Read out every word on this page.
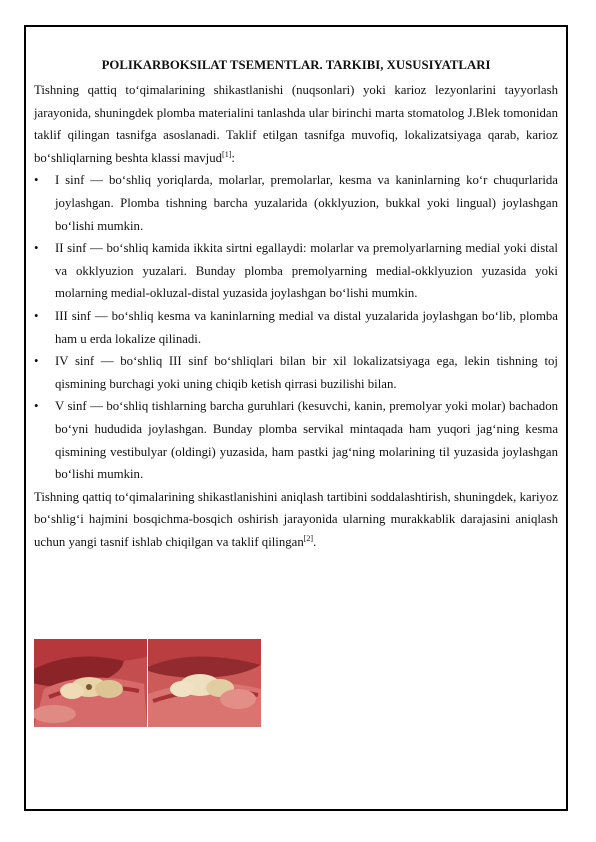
POLIKARBOKSILAT TSEMENTLAR. TARKIBI, XUSUSIYATLARI

Tishning qattiq to‘qimalarining shikastlanishi (nuqsonlari) yoki karioz lezyonlarini tayyorlash jarayonida, shuningdek plomba materialini tanlashda ular birinchi marta stomatolog J.Blek tomonidan taklif qilingan tasnifga asoslanadi. Taklif etilgan tasnifga muvofiq, lokalizatsiyaga qarab, karioz bo‘shliqlarning beshta klassi mavjud[1]:

• I sinf — bo‘shliq yoriqlarda, molarlar, premolarlar, kesma va kaninlarning ko‘r chuqurlarida joylashgan. Plomba tishning barcha yuzalarida (okklyuzion, bukkal yoki lingual) joylashgan bo‘lishi mumkin.
• II sinf — bo‘shliq kamida ikkita sirtni egallaydi: molarlar va premolyarlarning medial yoki distal va okklyuzion yuzalari. Bunday plomba premolyarning medial-okklyuzion yuzasida yoki molarning medial-okluzal-distal yuzasida joylashgan bo‘lishi mumkin.
• III sinf — bo‘shliq kesma va kaninlarning medial va distal yuzalarida joylashgan bo‘lib, plomba ham u erda lokalize qilinadi.
• IV sinf — bo‘shliq III sinf bo‘shliqlari bilan bir xil lokalizatsiyaga ega, lekin tishning toj qismining burchagi yoki uning chiqib ketish qirrasi buzilishi bilan.
• V sinf — bo‘shliq tishlarning barcha guruhlari (kesuvchi, kanin, premolyar yoki molar) bachadon bo‘yni hududida joylashgan. Bunday plomba servikal mintaqada ham yuqori jag‘ning kesma qismining vestibulyar (oldingi) yuzasida, ham pastki jag‘ning molarining til yuzasida joylashgan bo‘lishi mumkin.

Tishning qattiq to‘qimalarining shikastlanishini aniqlash tartibini soddalashtirish, shuningdek, kariyoz bo‘shlig‘i hajmini bosqichma-bosqich oshirish jarayonida ularning murakkablik darajasini aniqlash uchun yangi tasnif ishlab chiqilgan va taklif qilingan[2].
